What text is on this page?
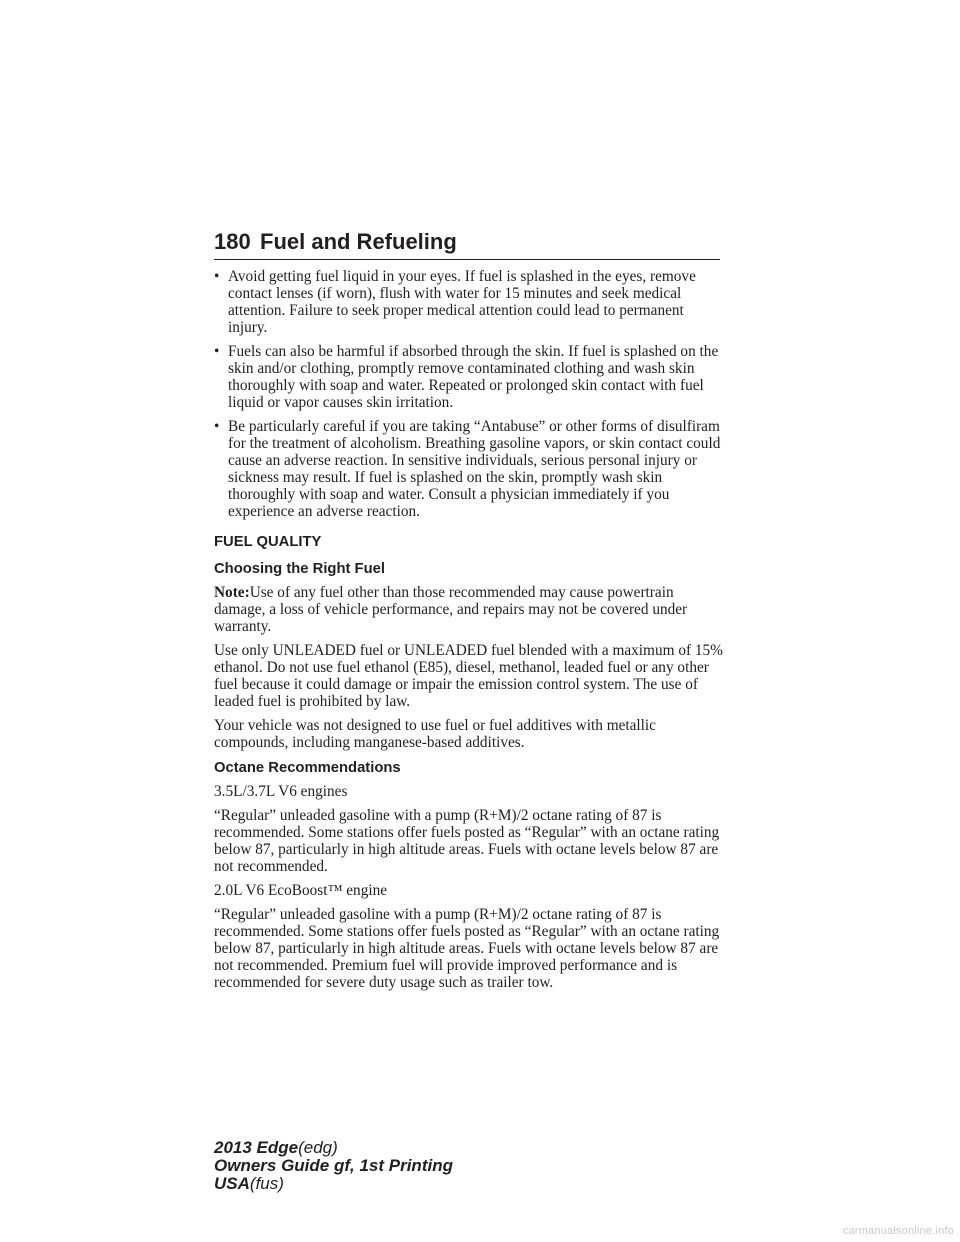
180 Fuel and Refueling
• Avoid getting fuel liquid in your eyes. If fuel is splashed in the eyes, remove contact lenses (if worn), flush with water for 15 minutes and seek medical attention. Failure to seek proper medical attention could lead to permanent injury.
• Fuels can also be harmful if absorbed through the skin. If fuel is splashed on the skin and/or clothing, promptly remove contaminated clothing and wash skin thoroughly with soap and water. Repeated or prolonged skin contact with fuel liquid or vapor causes skin irritation.
• Be particularly careful if you are taking “Antabuse” or other forms of disulfiram for the treatment of alcoholism. Breathing gasoline vapors, or skin contact could cause an adverse reaction. In sensitive individuals, serious personal injury or sickness may result. If fuel is splashed on the skin, promptly wash skin thoroughly with soap and water. Consult a physician immediately if you experience an adverse reaction.
FUEL QUALITY
Choosing the Right Fuel

Note:Use of any fuel other than those recommended may cause powertrain damage, a loss of vehicle performance, and repairs may not be covered under warranty.

Use only UNLEADED fuel or UNLEADED fuel blended with a maximum of 15% ethanol. Do not use fuel ethanol (E85), diesel, methanol, leaded fuel or any other fuel because it could damage or impair the emission control system. The use of leaded fuel is prohibited by law.

Your vehicle was not designed to use fuel or fuel additives with metallic compounds, including manganese-based additives.

Octane Recommendations

3.5L/3.7L V6 engines

“Regular” unleaded gasoline with a pump (R+M)/2 octane rating of 87 is recommended. Some stations offer fuels posted as “Regular” with an octane rating below 87, particularly in high altitude areas. Fuels with octane levels below 87 are not recommended.

2.0L V6 EcoBoost™ engine

“Regular” unleaded gasoline with a pump (R+M)/2 octane rating of 87 is recommended. Some stations offer fuels posted as “Regular” with an octane rating below 87, particularly in high altitude areas. Fuels with octane levels below 87 are not recommended. Premium fuel will provide improved performance and is recommended for severe duty usage such as trailer tow.

2013 Edge(edg)
Owners Guide gf, 1st Printing
USA(fus)
carmanualsonline.info
